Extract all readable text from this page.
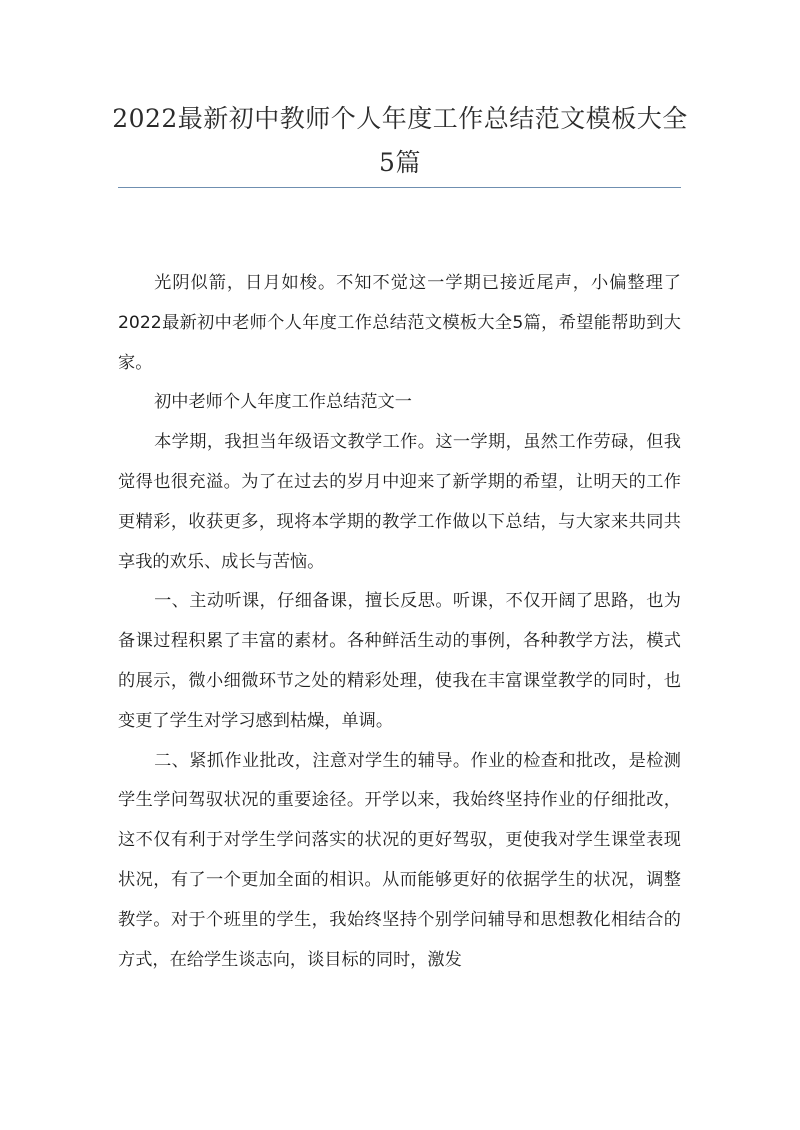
2022最新初中教师个人年度工作总结范文模板大全
5篇

光阴似箭，日月如梭。不知不觉这一学期已接近尾声，小偏整理了2022最新初中老师个人年度工作总结范文模板大全5篇，希望能帮助到大家。

初中老师个人年度工作总结范文一

本学期，我担当年级语文教学工作。这一学期，虽然工作劳碌，但我觉得也很充溢。为了在过去的岁月中迎来了新学期的希望，让明天的工作更精彩，收获更多，现将本学期的教学工作做以下总结，与大家来共同共享我的欢乐、成长与苦恼。

一、主动听课，仔细备课，擅长反思。听课，不仅开阔了思路，也为备课过程积累了丰富的素材。各种鲜活生动的事例，各种教学方法，模式的展示，微小细微环节之处的精彩处理，使我在丰富课堂教学的同时，也变更了学生对学习感到枯燥，单调。

二、紧抓作业批改，注意对学生的辅导。作业的检查和批改，是检测学生学问驾驭状况的重要途径。开学以来，我始终坚持作业的仔细批改，这不仅有利于对学生学问落实的状况的更好驾驭，更使我对学生课堂表现状况，有了一个更加全面的相识。从而能够更好的依据学生的状况，调整教学。对于个班里的学生，我始终坚持个别学问辅导和思想教化相结合的方式，在给学生谈志向，谈目标的同时，激发
